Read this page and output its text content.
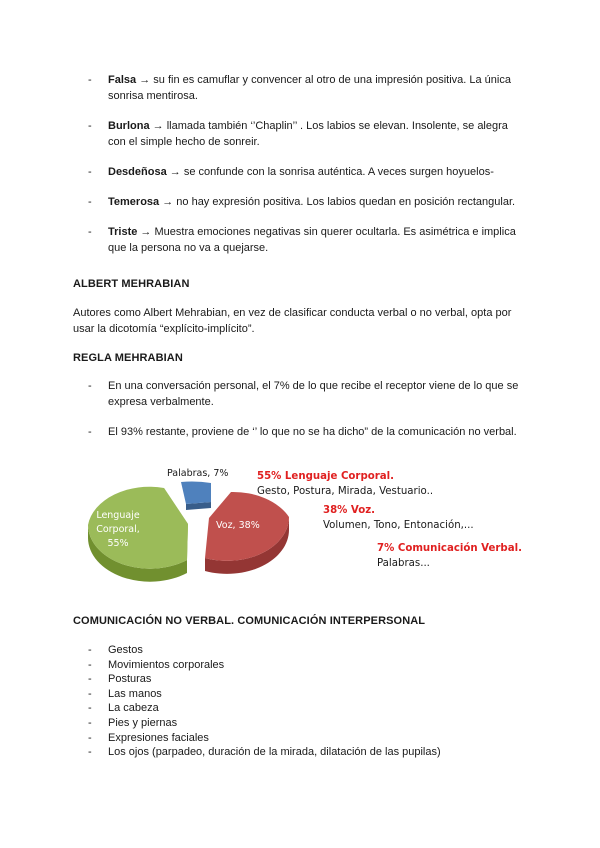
- Falsa → su fin es camuflar y convencer al otro de una impresión positiva. La única sonrisa mentirosa.
- Burlona → llamada también ‘’Chaplin’’ . Los labios se elevan. Insolente, se alegra con el simple hecho de sonreir.
- Desdeñosa → se confunde con la sonrisa auténtica. A veces surgen hoyuelos-
- Temerosa → no hay expresión positiva. Los labios quedan en posición rectangular.
- Triste → Muestra emociones negativas sin querer ocultarla. Es asimétrica e implica que la persona no va a quejarse.
ALBERT MEHRABIAN
Autores como Albert Mehrabian, en vez de clasificar conducta verbal o no verbal, opta por usar la dicotomía “explícito-implícito”.
REGLA MEHRABIAN
- En una conversación personal, el 7% de lo que recibe el receptor viene de lo que se expresa verbalmente.
- El 93% restante, proviene de ‘’ lo que no se ha dicho” de la comunicación no verbal.
Palabras, 7%
Voz, 38%
Lenguaje
Corporal,
55%
55% Lenguaje Corporal.
Gesto, Postura, Mirada, Vestuario..
38% Voz.
Volumen, Tono, Entonación,...
7% Comunicación Verbal.
Palabras...
COMUNICACIÓN NO VERBAL. COMUNICACIÓN INTERPERSONAL
- Gestos
- Movimientos corporales
- Posturas
- Las manos
- La cabeza
- Pies y piernas
- Expresiones faciales
- Los ojos (parpadeo, duración de la mirada, dilatación de las pupilas)
